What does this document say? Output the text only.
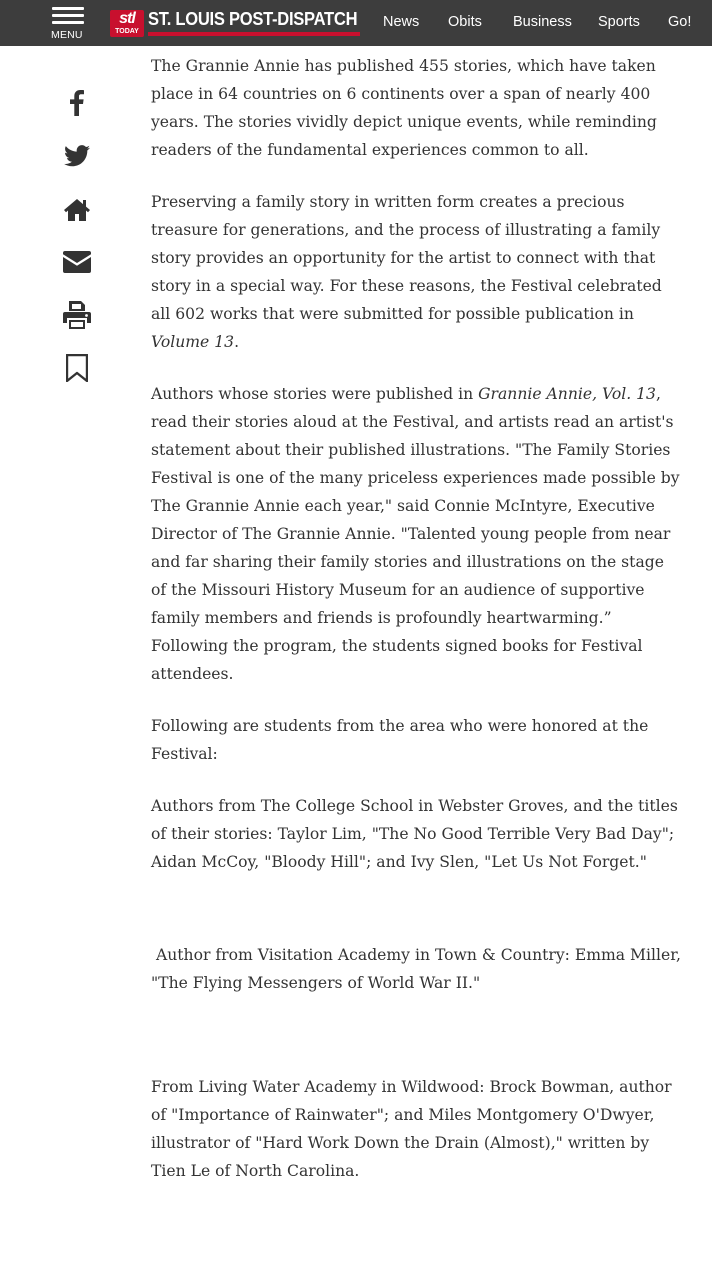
MENU
stl
TODAY
ST. LOUIS POST-DISPATCH News Obits Business Sports Go!

The Grannie Annie has published 455 stories, which have taken place in 64 countries on 6 continents over a span of nearly 400 years. The stories vividly depict unique events, while reminding readers of the fundamental experiences common to all.

Preserving a family story in written form creates a precious treasure for generations, and the process of illustrating a family story provides an opportunity for the artist to connect with that story in a special way. For these reasons, the Festival celebrated all 602 works that were submitted for possible publication in Volume 13.

Authors whose stories were published in Grannie Annie, Vol. 13, read their stories aloud at the Festival, and artists read an artist's statement about their published illustrations. "The Family Stories Festival is one of the many priceless experiences made possible by The Grannie Annie each year," said Connie McIntyre, Executive Director of The Grannie Annie. "Talented young people from near and far sharing their family stories and illustrations on the stage of the Missouri History Museum for an audience of supportive family members and friends is profoundly heartwarming.” Following the program, the students signed books for Festival attendees.

Following are students from the area who were honored at the Festival:

Authors from The College School in Webster Groves, and the titles of their stories: Taylor Lim, "The No Good Terrible Very Bad Day"; Aidan McCoy, "Bloody Hill"; and Ivy Slen, "Let Us Not Forget."

Author from Visitation Academy in Town & Country: Emma Miller, "The Flying Messengers of World War II."

From Living Water Academy in Wildwood: Brock Bowman, author of "Importance of Rainwater"; and Miles Montgomery O'Dwyer, illustrator of "Hard Work Down the Drain (Almost)," written by Tien Le of North Carolina.
